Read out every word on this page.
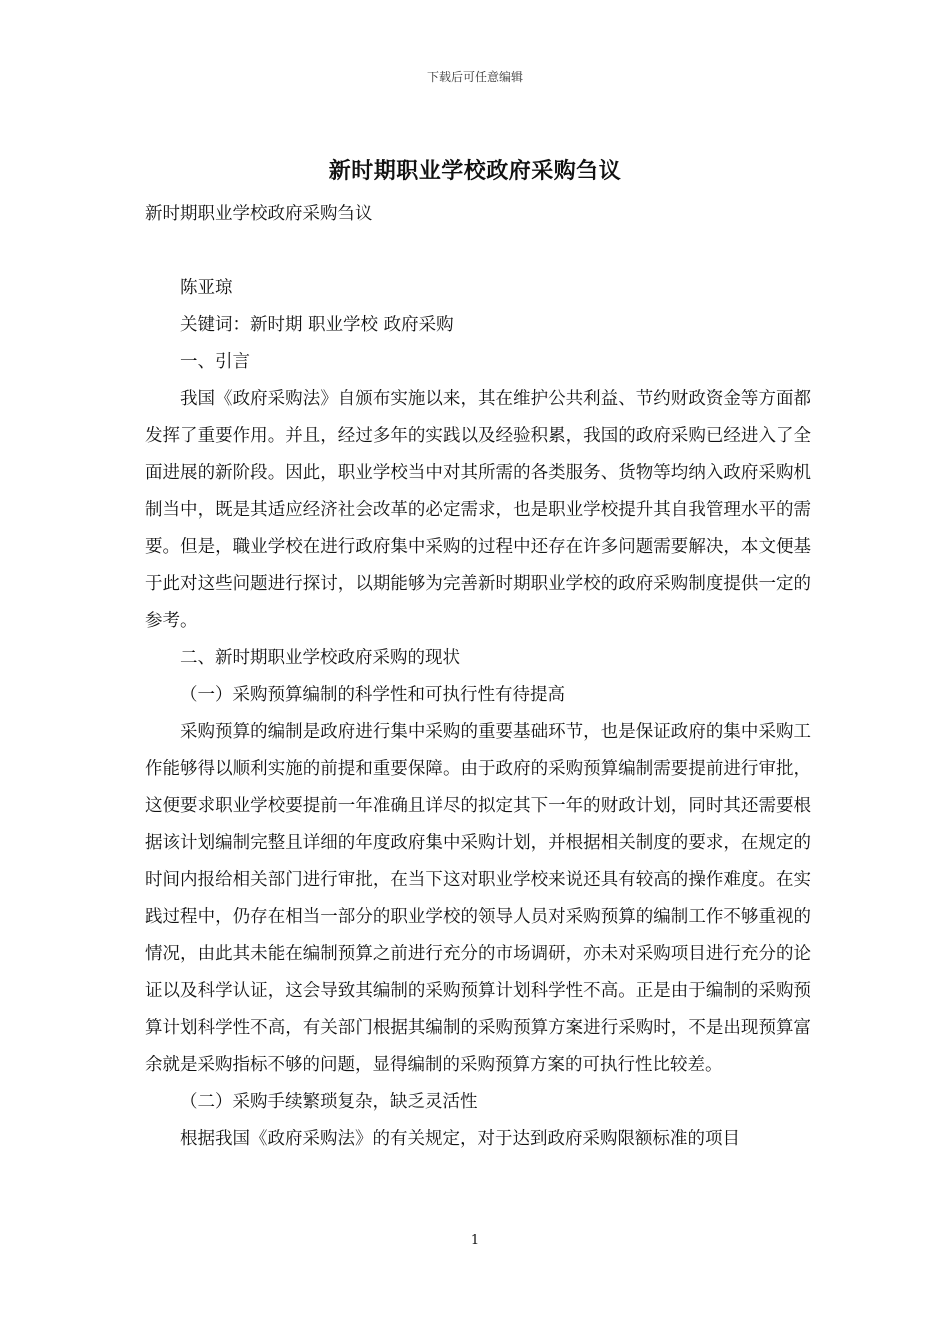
下载后可任意编辑
新时期职业学校政府采购刍议

新时期职业学校政府采购刍议

陈亚琼

关键词：新时期 职业学校 政府采购

一、引言

我国《政府采购法》自颁布实施以来，其在维护公共利益、节约财政资金等方面都发挥了重要作用。并且，经过多年的实践以及经验积累，我国的政府采购已经进入了全面进展的新阶段。因此，职业学校当中对其所需的各类服务、货物等均纳入政府采购机制当中，既是其适应经济社会改革的必定需求，也是职业学校提升其自我管理水平的需要。但是，職业学校在进行政府集中采购的过程中还存在许多问题需要解决，本文便基于此对这些问题进行探讨，以期能够为完善新时期职业学校的政府采购制度提供一定的参考。

二、新时期职业学校政府采购的现状

（一）采购预算编制的科学性和可执行性有待提高

采购预算的编制是政府进行集中采购的重要基础环节，也是保证政府的集中采购工作能够得以顺利实施的前提和重要保障。由于政府的采购预算编制需要提前进行审批，这便要求职业学校要提前一年准确且详尽的拟定其下一年的财政计划，同时其还需要根据该计划编制完整且详细的年度政府集中采购计划，并根据相关制度的要求，在规定的时间内报给相关部门进行审批，在当下这对职业学校来说还具有较高的操作难度。在实践过程中，仍存在相当一部分的职业学校的领导人员对采购预算的编制工作不够重视的情况，由此其未能在编制预算之前进行充分的市场调研，亦未对采购项目进行充分的论证以及科学认证，这会导致其编制的采购预算计划科学性不高。正是由于编制的采购预算计划科学性不高，有关部门根据其编制的采购预算方案进行采购时，不是出现预算富余就是采购指标不够的问题，显得编制的采购预算方案的可执行性比较差。

（二）采购手续繁琐复杂，缺乏灵活性

根据我国《政府采购法》的有关规定，对于达到政府采购限额标准的项目

1
